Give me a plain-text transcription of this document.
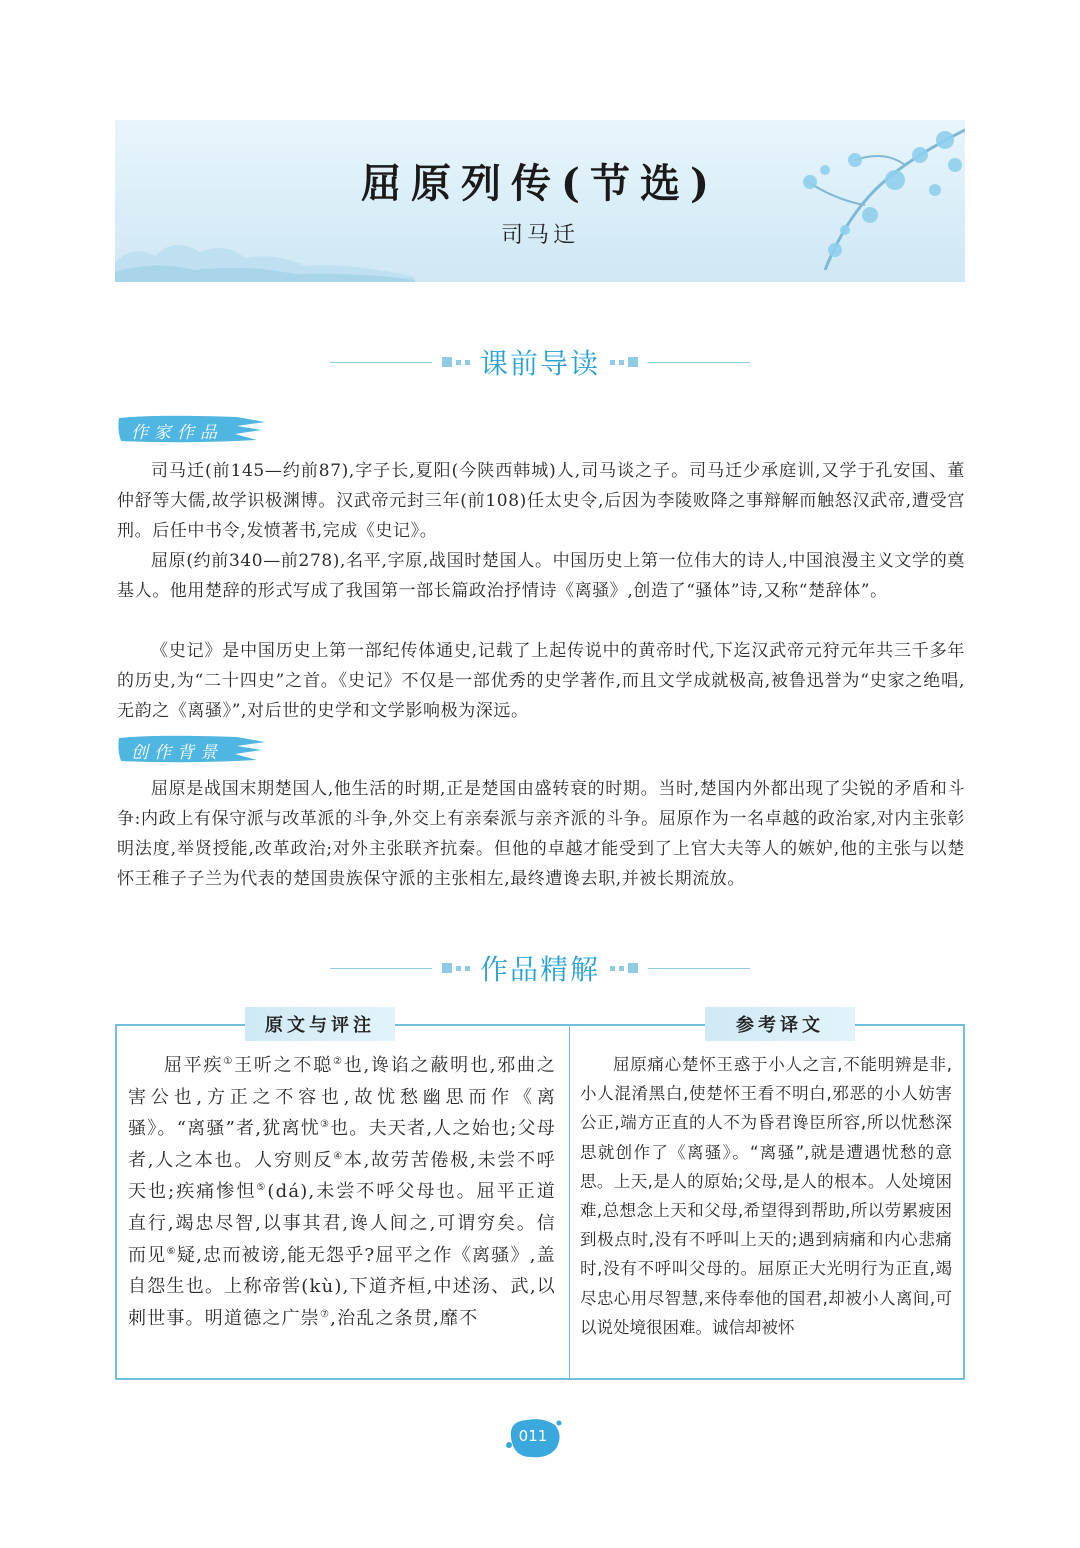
屈原列传(节选)
司马迁
课前导读
作家作品
司马迁(前145—约前87),字子长,夏阳(今陕西韩城)人,司马谈之子。司马迁少承庭训,又学于孔安国、董仲舒等大儒,故学识极渊博。汉武帝元封三年(前108)任太史令,后因为李陵败降之事辩解而触怒汉武帝,遭受宫刑。后任中书令,发愤著书,完成《史记》。
屈原(约前340—前278),名平,字原,战国时楚国人。中国历史上第一位伟大的诗人,中国浪漫主义文学的奠基人。他用楚辞的形式写成了我国第一部长篇政治抒情诗《离骚》,创造了“骚体”诗,又称“楚辞体”。
《史记》是中国历史上第一部纪传体通史,记载了上起传说中的黄帝时代,下迄汉武帝元狩元年共三千多年的历史,为“二十四史”之首。《史记》不仅是一部优秀的史学著作,而且文学成就极高,被鲁迅誉为“史家之绝唱,无韵之《离骚》”,对后世的史学和文学影响极为深远。
创作背景
屈原是战国末期楚国人,他生活的时期,正是楚国由盛转衰的时期。当时,楚国内外都出现了尖锐的矛盾和斗争:内政上有保守派与改革派的斗争,外交上有亲秦派与亲齐派的斗争。屈原作为一名卓越的政治家,对内主张彰明法度,举贤授能,改革政治;对外主张联齐抗秦。但他的卓越才能受到了上官大夫等人的嫉妒,他的主张与以楚怀王稚子子兰为代表的楚国贵族保守派的主张相左,最终遭谗去职,并被长期流放。
作品精解
原文与评注	参考译文

屈平疾①王听之不聪②也,谗谄之蔽明也,邪曲之害公也,方正之不容也,故忧愁幽思而作《离骚》。“离骚”者,犹离忧③也。夫天者,人之始也;父母者,人之本也。人穷则反④本,故劳苦倦极,未尝不呼天也;疾痛惨怛⑤(dá),未尝不呼父母也。屈平正道直行,竭忠尽智,以事其君,谗人间之,可谓穷矣。信而见⑥疑,忠而被谤,能无怨乎?屈平之作《离骚》,盖自怨生也。上称帝喾(kù),下道齐桓,中述汤、武,以刺世事。明道德之广崇⑦,治乱之条贯,靡不

屈原痛心楚怀王惑于小人之言,不能明辨是非,小人混淆黑白,使楚怀王看不明白,邪恶的小人妨害公正,端方正直的人不为昏君谗臣所容,所以忧愁深思就创作了《离骚》。“离骚”,就是遭遇忧愁的意思。上天,是人的原始;父母,是人的根本。人处境困难,总想念上天和父母,希望得到帮助,所以劳累疲困到极点时,没有不呼叫上天的;遇到病痛和内心悲痛时,没有不呼叫父母的。屈原正大光明行为正直,竭尽忠心用尽智慧,来侍奉他的国君,却被小人离间,可以说处境很困难。诚信却被怀

011
